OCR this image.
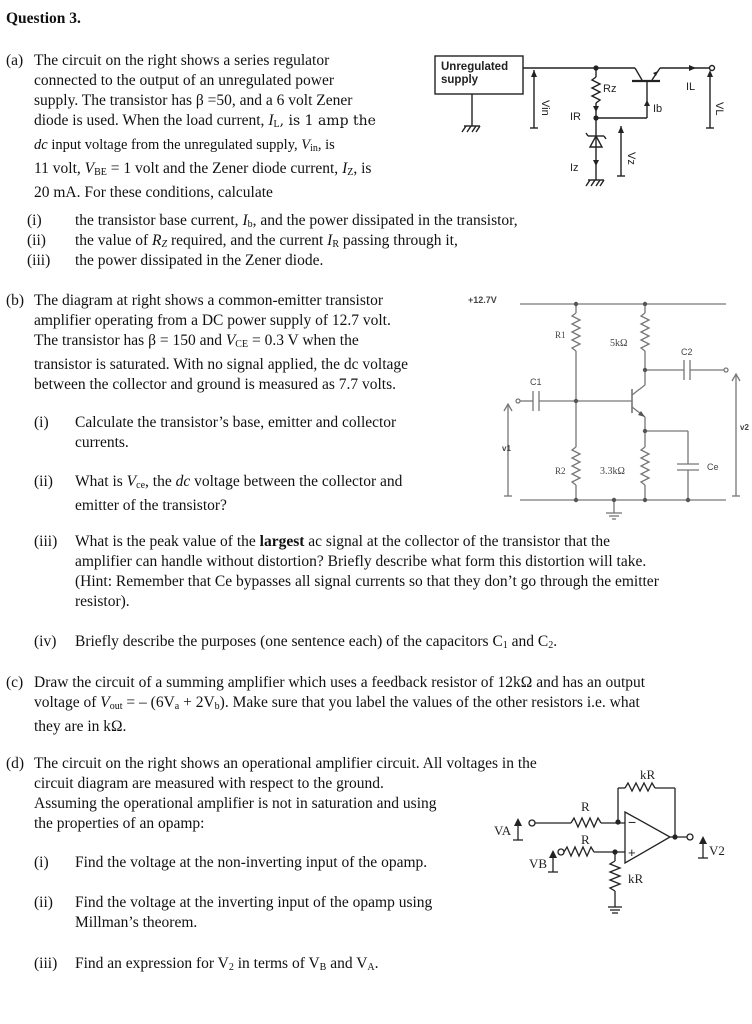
Question 3.
(a) The circuit on the right shows a series regulator
connected to the output of an unregulated power
supply. The transistor has β =50, and a 6 volt Zener
diode is used. When the load current, $I_L$, is 1 amp the
dc input voltage from the unregulated supply, $V_{in}$, is
11 volt, $V_{BE} = 1$ volt and the Zener diode current, $I_Z$, is
20 mA. For these conditions, calculate
(i) the transistor base current, $I_b$, and the power dissipated in the transistor,
(ii) the value of $R_Z$ required, and the current $I_R$ passing through it,
(iii) the power dissipated in the Zener diode.
Unregulated
supply
Rz	IL
Ib
IR
Iz
Vin	VL
Vz
(b) The diagram at right shows a common-emitter transistor
amplifier operating from a DC power supply of 12.7 volt.
The transistor has β = 150 and $V_{CE} = 0.3$ V when the
transistor is saturated. With no signal applied, the dc voltage
between the collector and ground is measured as 7.7 volts.
(i) Calculate the transistor’s base, emitter and collector
currents.
(ii) What is $V_{ce}$, the dc voltage between the collector and
emitter of the transistor?
(iii) What is the peak value of the largest ac signal at the collector of the transistor that the
amplifier can handle without distortion? Briefly describe what form this distortion will take.
(Hint: Remember that Ce bypasses all signal currents so that they don’t go through the emitter
resistor).
(iv) Briefly describe the purposes (one sentence each) of the capacitors $C_1$ and $C_2$.
+12.7V
R1
R2
5kΩ
3.3kΩ
C1
C2
Ce
v1
v2
(c) Draw the circuit of a summing amplifier which uses a feedback resistor of 12kΩ and has an output
voltage of $V_{out}$ = – $(6V_a + 2V_b)$. Make sure that you label the values of the other resistors i.e. what
they are in kΩ.
(d) The circuit on the right shows an operational amplifier circuit. All voltages in the
circuit diagram are measured with respect to the ground.
Assuming the operational amplifier is not in saturation and using
the properties of an opamp:
(i) Find the voltage at the non-inverting input of the opamp.
(ii) Find the voltage at the inverting input of the opamp using
Millman’s theorem.
(iii) Find an expression for $V_2$ in terms of $V_B$ and $V_A$.
kR
R
R
kR
VA
VB
V2
−
+
